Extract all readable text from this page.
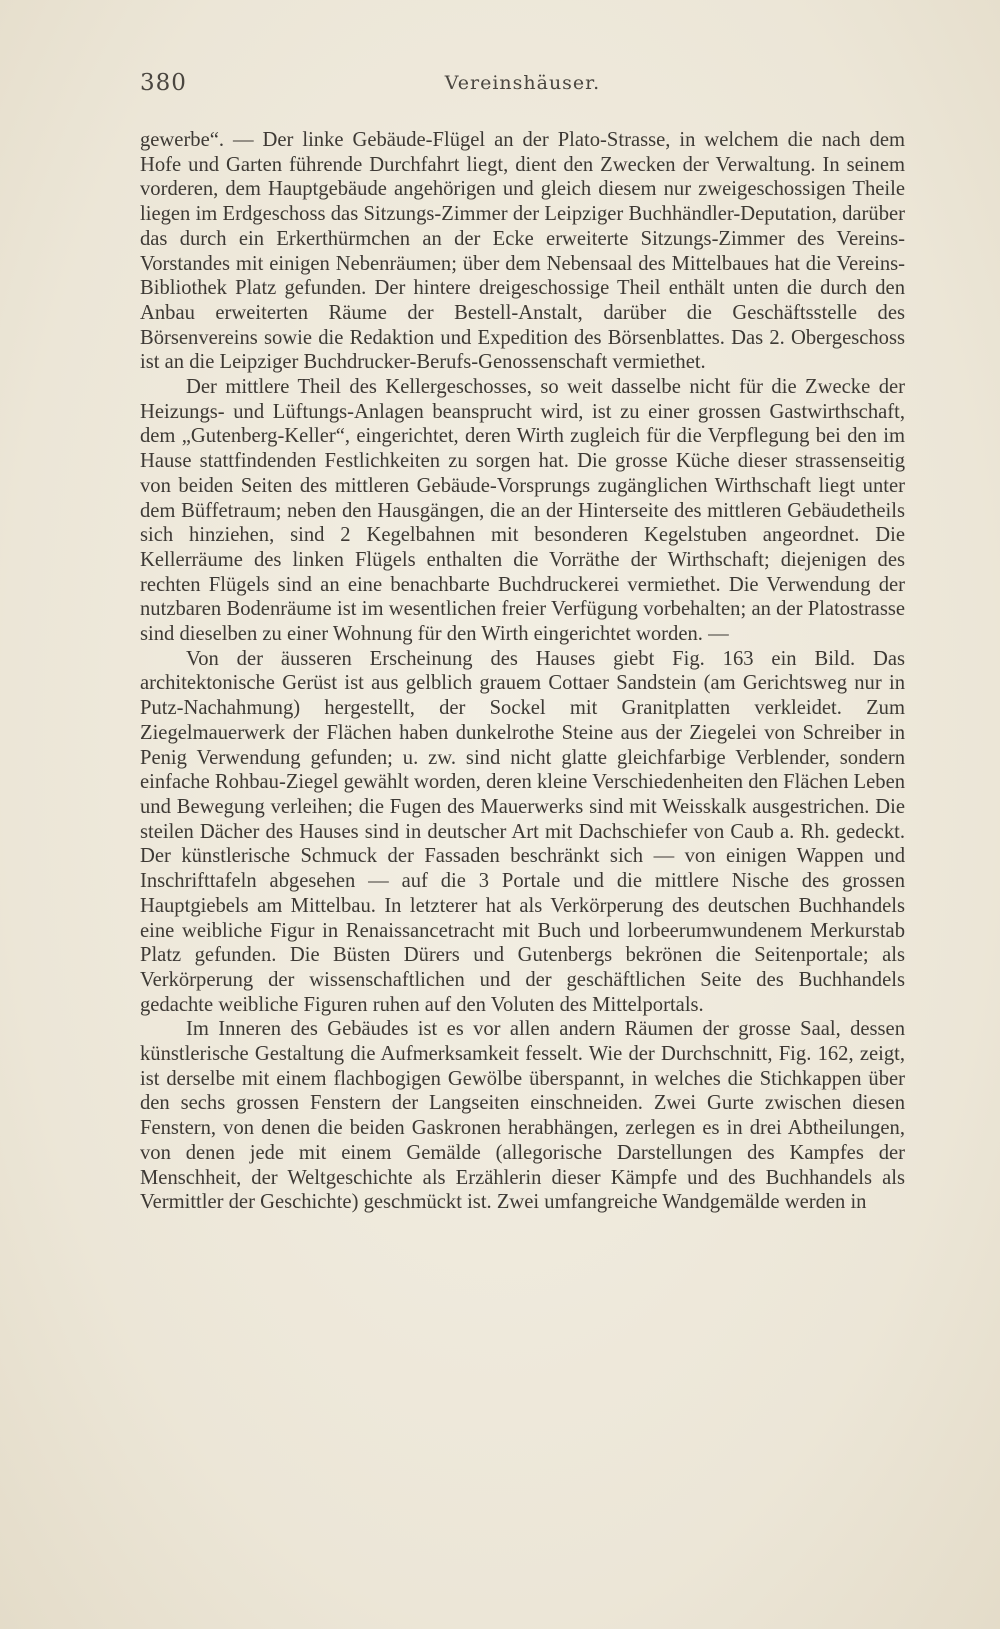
380	Vereinshäuser.

gewerbe“. — Der linke Gebäude-Flügel an der Plato-Strasse, in welchem die nach dem Hofe und Garten führende Durchfahrt liegt, dient den Zwecken der Verwaltung. In seinem vorderen, dem Hauptgebäude angehörigen und gleich diesem nur zweigeschossigen Theile liegen im Erdgeschoss das Sitzungs-Zimmer der Leipziger Buchhändler-Deputation, darüber das durch ein Erkerthürmchen an der Ecke erweiterte Sitzungs-Zimmer des Vereins-Vorstandes mit einigen Nebenräumen; über dem Nebensaal des Mittelbaues hat die Vereins-Bibliothek Platz gefunden. Der hintere dreigeschossige Theil enthält unten die durch den Anbau erweiterten Räume der Bestell-Anstalt, darüber die Geschäftsstelle des Börsenvereins sowie die Redaktion und Expedition des Börsenblattes. Das 2. Obergeschoss ist an die Leipziger Buchdrucker-Berufs-Genossenschaft vermiethet.

Der mittlere Theil des Kellergeschosses, so weit dasselbe nicht für die Zwecke der Heizungs- und Lüftungs-Anlagen beansprucht wird, ist zu einer grossen Gastwirthschaft, dem „Gutenberg-Keller“, eingerichtet, deren Wirth zugleich für die Verpflegung bei den im Hause stattfindenden Festlichkeiten zu sorgen hat. Die grosse Küche dieser strassenseitig von beiden Seiten des mittleren Gebäude-Vorsprungs zugänglichen Wirthschaft liegt unter dem Büffetraum; neben den Hausgängen, die an der Hinterseite des mittleren Gebäudetheils sich hinziehen, sind 2 Kegelbahnen mit besonderen Kegelstuben angeordnet. Die Kellerräume des linken Flügels enthalten die Vorräthe der Wirthschaft; diejenigen des rechten Flügels sind an eine benachbarte Buchdruckerei vermiethet. Die Verwendung der nutzbaren Bodenräume ist im wesentlichen freier Verfügung vorbehalten; an der Platostrasse sind dieselben zu einer Wohnung für den Wirth eingerichtet worden. —

Von der äusseren Erscheinung des Hauses giebt Fig. 163 ein Bild. Das architektonische Gerüst ist aus gelblich grauem Cottaer Sandstein (am Gerichtsweg nur in Putz-Nachahmung) hergestellt, der Sockel mit Granitplatten verkleidet. Zum Ziegelmauerwerk der Flächen haben dunkelrothe Steine aus der Ziegelei von Schreiber in Penig Verwendung gefunden; u. zw. sind nicht glatte gleichfarbige Verblender, sondern einfache Rohbau-Ziegel gewählt worden, deren kleine Verschiedenheiten den Flächen Leben und Bewegung verleihen; die Fugen des Mauerwerks sind mit Weisskalk ausgestrichen. Die steilen Dächer des Hauses sind in deutscher Art mit Dachschiefer von Caub a. Rh. gedeckt. Der künstlerische Schmuck der Fassaden beschränkt sich — von einigen Wappen und Inschrifttafeln abgesehen — auf die 3 Portale und die mittlere Nische des grossen Hauptgiebels am Mittelbau. In letzterer hat als Verkörperung des deutschen Buchhandels eine weibliche Figur in Renaissancetracht mit Buch und lorbeerumwundenem Merkurstab Platz gefunden. Die Büsten Dürers und Gutenbergs bekrönen die Seitenportale; als Verkörperung der wissenschaftlichen und der geschäftlichen Seite des Buchhandels gedachte weibliche Figuren ruhen auf den Voluten des Mittelportals.

Im Inneren des Gebäudes ist es vor allen andern Räumen der grosse Saal, dessen künstlerische Gestaltung die Aufmerksamkeit fesselt. Wie der Durchschnitt, Fig. 162, zeigt, ist derselbe mit einem flachbogigen Gewölbe überspannt, in welches die Stichkappen über den sechs grossen Fenstern der Langseiten einschneiden. Zwei Gurte zwischen diesen Fenstern, von denen die beiden Gaskronen herabhängen, zerlegen es in drei Abtheilungen, von denen jede mit einem Gemälde (allegorische Darstellungen des Kampfes der Menschheit, der Weltgeschichte als Erzählerin dieser Kämpfe und des Buchhandels als Vermittler der Geschichte) geschmückt ist. Zwei umfangreiche Wandgemälde werden in
